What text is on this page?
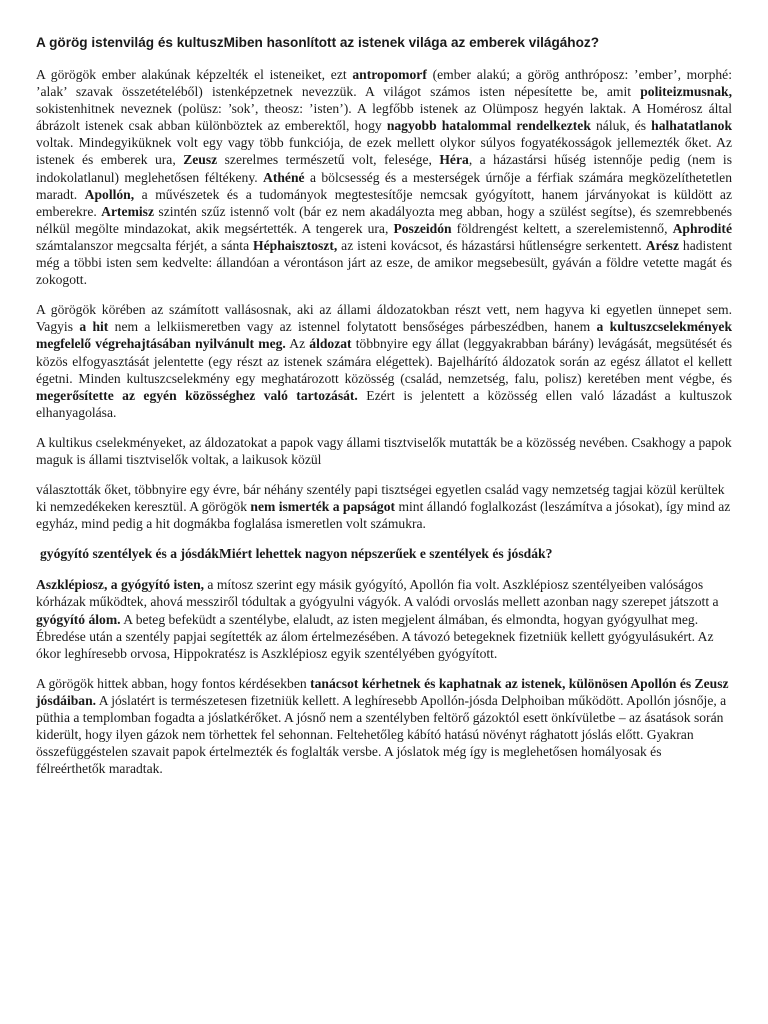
A görög istenvilág és kultuszMiben hasonlított az istenek világa az emberek világához?

A görögök ember alakúnak képzelték el isteneiket, ezt antropomorf (ember alakú; a görög anthróposz: ’ember’, morphé: ’alak’ szavak összetételéből) istenképzetnek nevezzük. A világot számos isten népesítette be, amit politeizmusnak, sokistenhitnek neveznek (polüsz: ’sok’, theosz: ’isten’). A legfőbb istenek az Olümposz hegyén laktak. A Homérosz által ábrázolt istenek csak abban különböztek az emberektől, hogy nagyobb hatalommal rendelkeztek náluk, és halhatatlanok voltak. Mindegyiküknek volt egy vagy több funkciója, de ezek mellett olykor súlyos fogyatékosságok jellemezték őket. Az istenek és emberek ura, Zeusz szerelmes természetű volt, felesége, Héra, a házastársi hűség istennője pedig (nem is indokolatlanul) meglehetősen féltékeny. Athéné a bölcsesség és a mesterségek úrnője a férfiak számára megközelíthetetlen maradt. Apollón, a művészetek és a tudományok megtestesítője nemcsak gyógyított, hanem járványokat is küldött az emberekre. Artemisz szintén szűz istennő volt (bár ez nem akadályozta meg abban, hogy a szülést segítse), és szemrebbenés nélkül megölte mindazokat, akik megsértették. A tengerek ura, Poszeidón földrengést keltett, a szerelemistennő, Aphrodité számtalanszor megcsalta férjét, a sánta Héphaisztoszt, az isteni kovácsot, és házastársi hűtlenségre serkentett. Arész hadistent még a többi isten sem kedvelte: állandóan a vérontáson járt az esze, de amikor megsebesült, gyáván a földre vetette magát és zokogott.

A görögök körében az számított vallásosnak, aki az állami áldozatokban részt vett, nem hagyva ki egyetlen ünnepet sem. Vagyis a hit nem a lelkiismeretben vagy az istennel folytatott bensőséges párbeszédben, hanem a kultuszcselekmények megfelelő végrehajtásában nyilvánult meg. Az áldozat többnyire egy állat (leggyakrabban bárány) levágását, megsütését és közös elfogyasztását jelentette (egy részt az istenek számára elégettek). Bajelhárító áldozatok során az egész állatot el kellett égetni. Minden kultuszcselekmény egy meghatározott közösség (család, nemzetség, falu, polisz) keretében ment végbe, és megerősítette az egyén közösséghez való tartozását. Ezért is jelentett a közösség ellen való lázadást a kultuszok elhanyagolása.

A kultikus cselekményeket, az áldozatokat a papok vagy állami tisztviselők mutatták be a közösség nevében. Csakhogy a papok maguk is állami tisztviselők voltak, a laikusok közül

választották őket, többnyire egy évre, bár néhány szentély papi tisztségei egyetlen család vagy nemzetség tagjai közül kerültek ki nemzedékeken keresztül. A görögök nem ismerték a papságot mint állandó foglalkozást (leszámítva a jósokat), így mind az egyház, mind pedig a hit dogmákba foglalása ismeretlen volt számukra.

gyógyító szentélyek és a jósdákMiért lehettek nagyon népszerűek e szentélyek és jósdák?

Aszklépiosz, a gyógyító isten, a mítosz szerint egy másik gyógyító, Apollón fia volt. Aszklépiosz szentélyeiben valóságos kórházak működtek, ahová messziről tódultak a gyógyulni vágyók. A valódi orvoslás mellett azonban nagy szerepet játszott a gyógyító álom. A beteg befeküdt a szentélybe, elaludt, az isten megjelent álmában, és elmondta, hogyan gyógyulhat meg. Ébredése után a szentély papjai segítették az álom értelmezésében. A távozó betegeknek fizetniük kellett gyógyulásukért. Az ókor leghíresebb orvosa, Hippokratész is Aszklépiosz egyik szentélyében gyógyított.

A görögök hittek abban, hogy fontos kérdésekben tanácsot kérhetnek és kaphatnak az istenek, különösen Apollón és Zeusz jósdáiban. A jóslatért is természetesen fizetniük kellett. A leghíresebb Apollón-jósda Delphoiban működött. Apollón jósnője, a püthia a templomban fogadta a jóslatkérőket. A jósnő nem a szentélyben feltörő gázoktól esett önkívületbe – az ásatások során kiderült, hogy ilyen gázok nem törhettek fel sehonnan. Feltehetőleg kábító hatású növényt rághatott jóslás előtt. Gyakran összefüggéstelen szavait papok értelmezték és foglalták versbe. A jóslatok még így is meglehetősen homályosak és félreérthetők maradtak.
